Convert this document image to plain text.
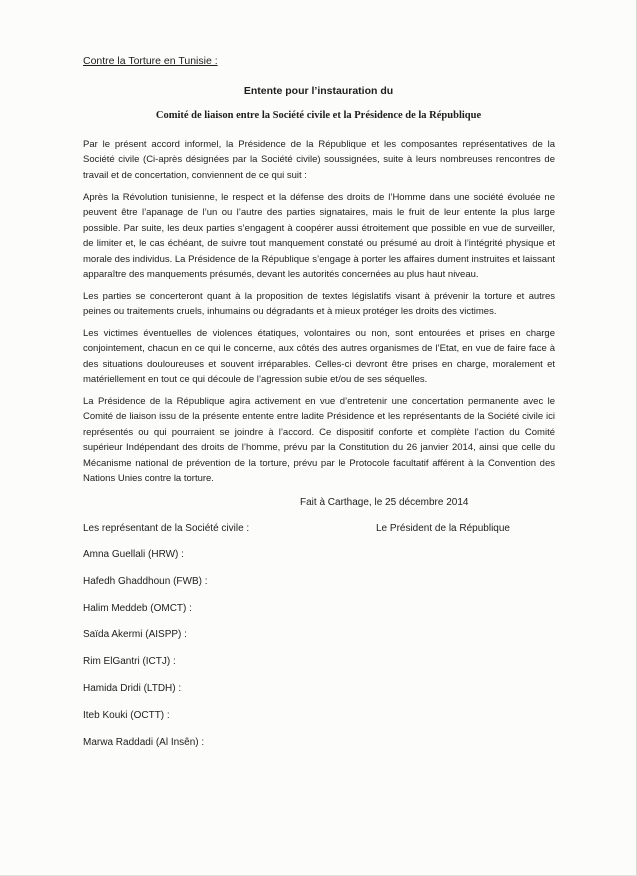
Contre la Torture en Tunisie :
Entente pour l’instauration du
Comité de liaison entre la Société civile et la Présidence de la République

Par le présent accord informel, la Présidence de la République et les composantes représentatives de la Société civile (Ci-après désignées par la Société civile) soussignées, suite à leurs nombreuses rencontres de travail et de concertation, conviennent de ce qui suit :

Après la Révolution tunisienne, le respect et la défense des droits de l’Homme dans une société évoluée ne peuvent être l’apanage de l’un ou l’autre des parties signataires, mais le fruit de leur entente la plus large possible. Par suite, les deux parties s’engagent à coopérer aussi étroitement que possible en vue de surveiller, de limiter et, le cas échéant, de suivre tout manquement constaté ou présumé au droit à l’intégrité physique et morale des individus. La Présidence de la République s’engage à porter les affaires dument instruites et laissant apparaître des manquements présumés, devant les autorités concernées au plus haut niveau.

Les parties se concerteront quant à la proposition de textes législatifs visant à prévenir la torture et autres peines ou traitements cruels, inhumains ou dégradants et à mieux protéger les droits des victimes.

Les victimes éventuelles de violences étatiques, volontaires ou non, sont entourées et prises en charge conjointement, chacun en ce qui le concerne, aux côtés des autres organismes de l’Etat, en vue de faire face à des situations douloureuses et souvent irréparables. Celles-ci devront être prises en charge, moralement et matériellement en tout ce qui découle de l’agression subie et/ou de ses séquelles.

La Présidence de la République agira activement en vue d’entretenir une concertation permanente avec le Comité de liaison issu de la présente entente entre ladite Présidence et les représentants de la Société civile ici représentés ou qui pourraient se joindre à l’accord. Ce dispositif conforte et complète l’action du Comité supérieur Indépendant des droits de l’homme, prévu par la Constitution du 26 janvier 2014, ainsi que celle du Mécanisme national de prévention de la torture, prévu par le Protocole facultatif afférent à la Convention des Nations Unies contre la torture.

Fait à Carthage, le 25 décembre 2014
Les représentant de la Société civile :	Le Président de la République
Amna Guellali (HRW) :
Hafedh Ghaddhoun (FWB) :
Halim Meddeb (OMCT) :
Saïda Akermi (AISPP) :
Rim ElGantri (ICTJ) :
Hamida Dridi (LTDH) :
Iteb Kouki (OCTT) :
Marwa Raddadi (Al Insên) :
